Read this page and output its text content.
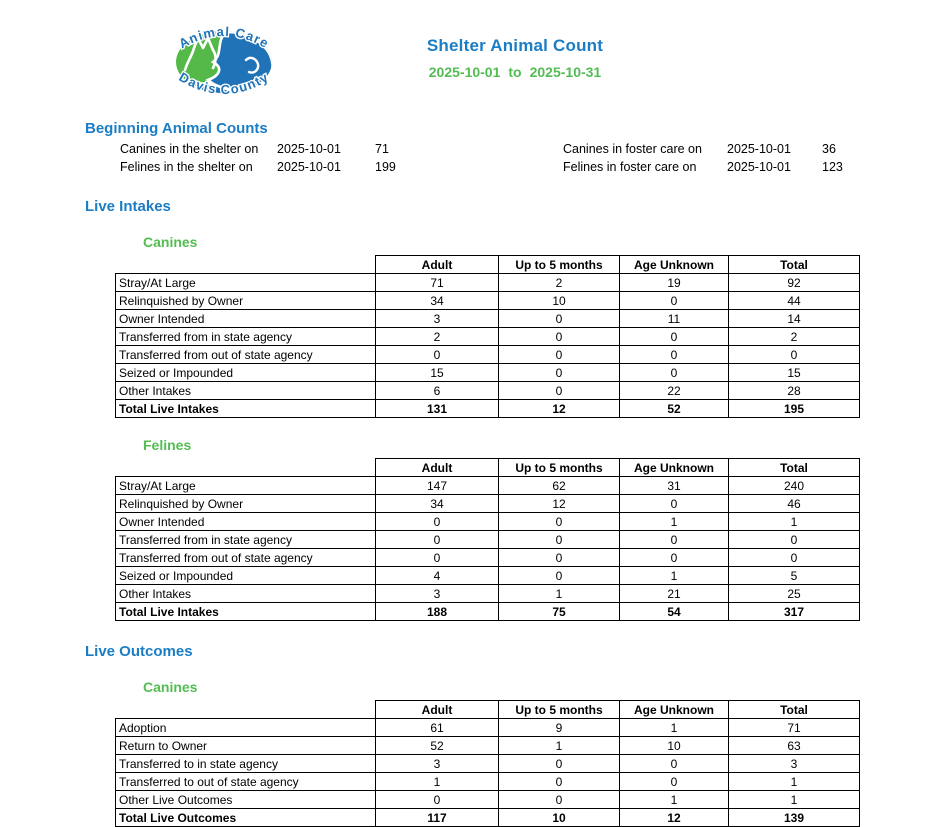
Animal Care
Davis County
Shelter Animal Count
2025-10-01 to 2025-10-31
Beginning Animal Counts
Canines in the shelter on	2025-10-01	71	Canines in foster care on	2025-10-01	36
Felines in the shelter on	2025-10-01	199	Felines in foster care on	2025-10-01	123
Live Intakes
Canines
	Adult	Up to 5 months	Age Unknown	Total
Stray/At Large	71	2	19	92
Relinquished by Owner	34	10	0	44
Owner Intended	3	0	11	14
Transferred from in state agency	2	0	0	2
Transferred from out of state agency	0	0	0	0
Seized or Impounded	15	0	0	15
Other Intakes	6	0	22	28
Total Live Intakes	131	12	52	195
Felines
	Adult	Up to 5 months	Age Unknown	Total
Stray/At Large	147	62	31	240
Relinquished by Owner	34	12	0	46
Owner Intended	0	0	1	1
Transferred from in state agency	0	0	0	0
Transferred from out of state agency	0	0	0	0
Seized or Impounded	4	0	1	5
Other Intakes	3	1	21	25
Total Live Intakes	188	75	54	317
Live Outcomes
Canines
	Adult	Up to 5 months	Age Unknown	Total
Adoption	61	9	1	71
Return to Owner	52	1	10	63
Transferred to in state agency	3	0	0	3
Transferred to out of state agency	1	0	0	1
Other Live Outcomes	0	0	1	1
Total Live Outcomes	117	10	12	139
